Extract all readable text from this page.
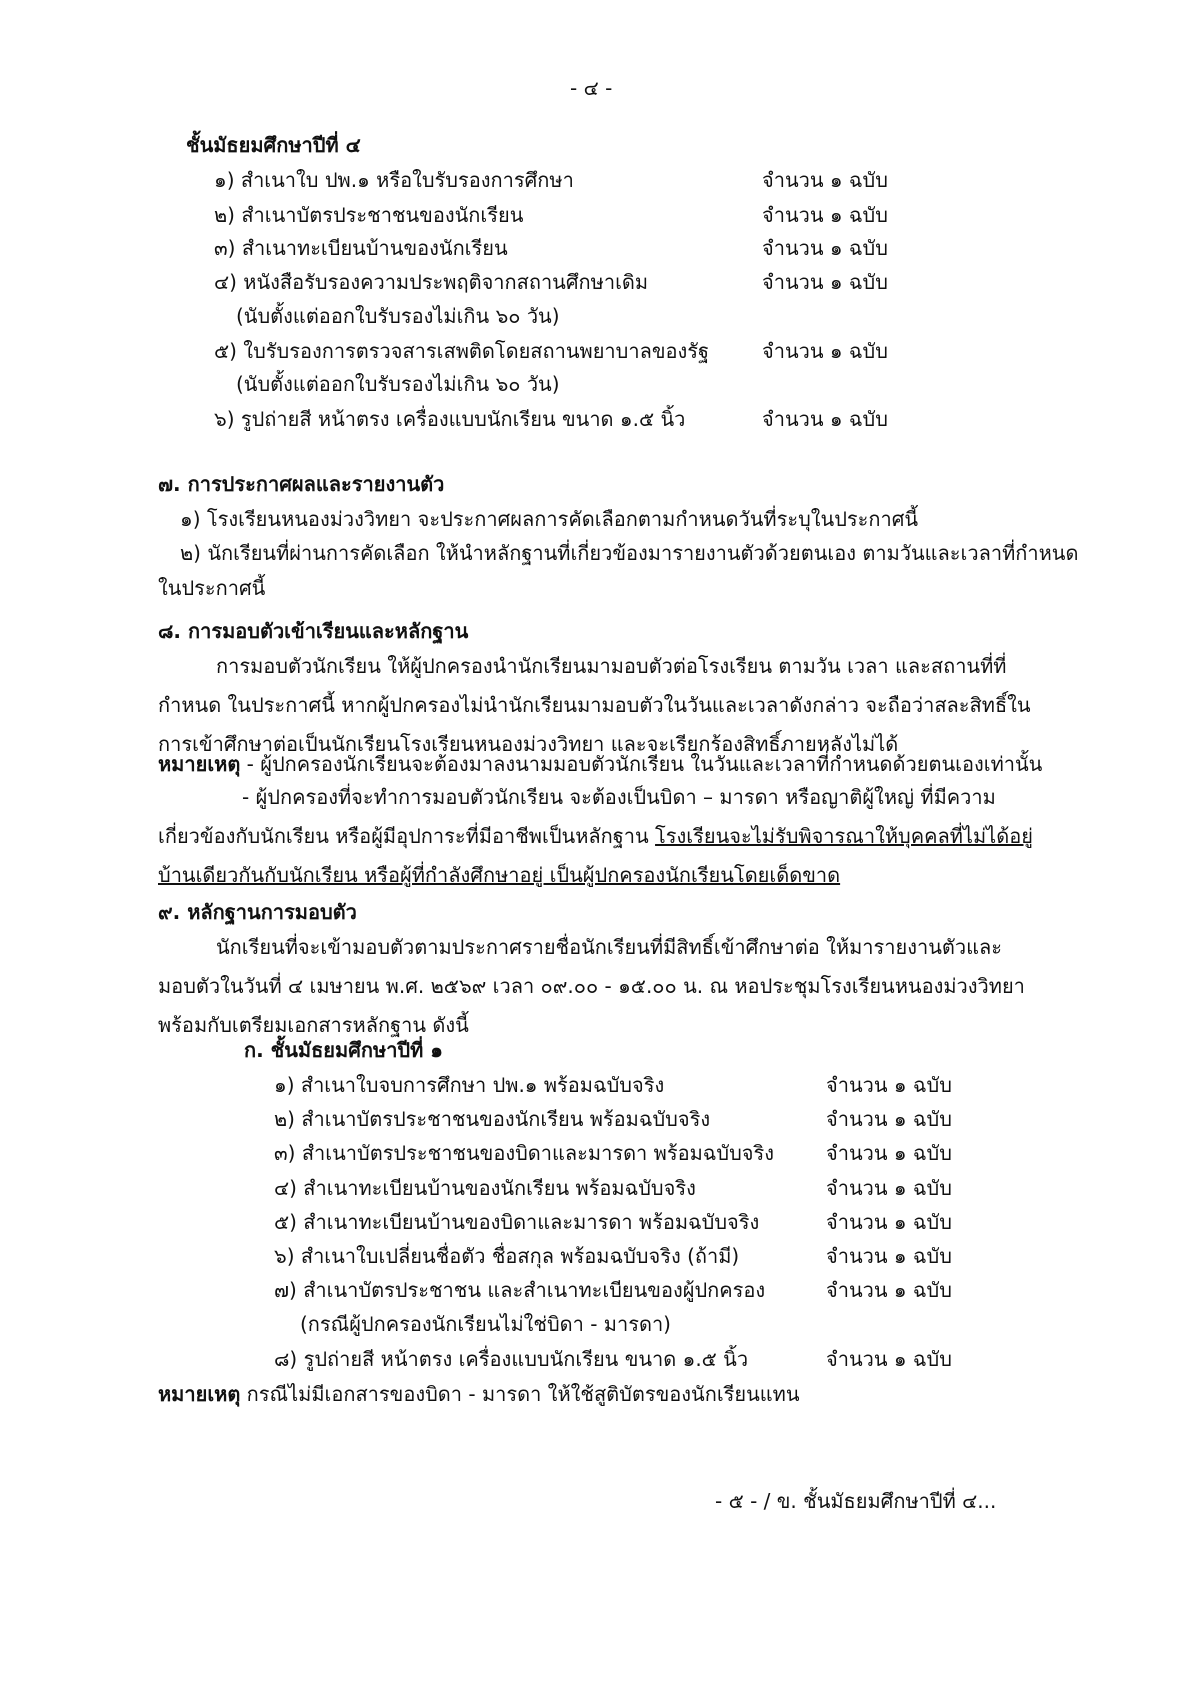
- ๔ -
ชั้นมัธยมศึกษาปีที่ ๔
๑) สำเนาใบ ปพ.๑ หรือใบรับรองการศึกษา	จำนวน ๑ ฉบับ
๒) สำเนาบัตรประชาชนของนักเรียน	จำนวน ๑ ฉบับ
๓) สำเนาทะเบียนบ้านของนักเรียน	จำนวน ๑ ฉบับ
๔) หนังสือรับรองความประพฤติจากสถานศึกษาเดิม	จำนวน ๑ ฉบับ
(นับตั้งแต่ออกใบรับรองไม่เกิน ๖๐ วัน)
๕) ใบรับรองการตรวจสารเสพติดโดยสถานพยาบาลของรัฐ	จำนวน ๑ ฉบับ
(นับตั้งแต่ออกใบรับรองไม่เกิน ๖๐ วัน)
๖) รูปถ่ายสี หน้าตรง เครื่องแบบนักเรียน ขนาด ๑.๕ นิ้ว	จำนวน ๑ ฉบับ
๗. การประกาศผลและรายงานตัว
๑) โรงเรียนหนองม่วงวิทยา จะประกาศผลการคัดเลือกตามกำหนดวันที่ระบุในประกาศนี้
๒) นักเรียนที่ผ่านการคัดเลือก ให้นำหลักฐานที่เกี่ยวข้องมารายงานตัวด้วยตนเอง ตามวันและเวลาที่กำหนด
ในประกาศนี้
๘. การมอบตัวเข้าเรียนและหลักฐาน
การมอบตัวนักเรียน ให้ผู้ปกครองนำนักเรียนมามอบตัวต่อโรงเรียน ตามวัน เวลา และสถานที่ที่กำหนด ในประกาศนี้ หากผู้ปกครองไม่นำนักเรียนมามอบตัวในวันและเวลาดังกล่าว จะถือว่าสละสิทธิ์ในการเข้าศึกษาต่อเป็นนักเรียนโรงเรียนหนองม่วงวิทยา และจะเรียกร้องสิทธิ์ภายหลังไม่ได้
หมายเหตุ - ผู้ปกครองนักเรียนจะต้องมาลงนามมอบตัวนักเรียน ในวันและเวลาที่กำหนดด้วยตนเองเท่านั้น
- ผู้ปกครองที่จะทำการมอบตัวนักเรียน จะต้องเป็นบิดา – มารดา หรือญาติผู้ใหญ่ ที่มีความเกี่ยวข้องกับนักเรียน หรือผู้มีอุปการะที่มีอาชีพเป็นหลักฐาน โรงเรียนจะไม่รับพิจารณาให้บุคคลที่ไม่ได้อยู่บ้านเดียวกันกับนักเรียน หรือผู้ที่กำลังศึกษาอยู่ เป็นผู้ปกครองนักเรียนโดยเด็ดขาด
๙. หลักฐานการมอบตัว
นักเรียนที่จะเข้ามอบตัวตามประกาศรายชื่อนักเรียนที่มีสิทธิ์เข้าศึกษาต่อ ให้มารายงานตัวและมอบตัวในวันที่ ๔ เมษายน พ.ศ. ๒๕๖๙ เวลา ๐๙.๐๐ - ๑๕.๐๐ น. ณ หอประชุมโรงเรียนหนองม่วงวิทยา พร้อมกับเตรียมเอกสารหลักฐาน ดังนี้
ก. ชั้นมัธยมศึกษาปีที่ ๑
๑) สำเนาใบจบการศึกษา ปพ.๑ พร้อมฉบับจริง	จำนวน ๑ ฉบับ
๒) สำเนาบัตรประชาชนของนักเรียน พร้อมฉบับจริง	จำนวน ๑ ฉบับ
๓) สำเนาบัตรประชาชนของบิดาและมารดา พร้อมฉบับจริง	จำนวน ๑ ฉบับ
๔) สำเนาทะเบียนบ้านของนักเรียน พร้อมฉบับจริง	จำนวน ๑ ฉบับ
๕) สำเนาทะเบียนบ้านของบิดาและมารดา พร้อมฉบับจริง	จำนวน ๑ ฉบับ
๖) สำเนาใบเปลี่ยนชื่อตัว ชื่อสกุล พร้อมฉบับจริง (ถ้ามี)	จำนวน ๑ ฉบับ
๗) สำเนาบัตรประชาชน และสำเนาทะเบียนของผู้ปกครอง	จำนวน ๑ ฉบับ
(กรณีผู้ปกครองนักเรียนไม่ใช่บิดา - มารดา)
๘) รูปถ่ายสี หน้าตรง เครื่องแบบนักเรียน ขนาด ๑.๕ นิ้ว	จำนวน ๑ ฉบับ
หมายเหตุ กรณีไม่มีเอกสารของบิดา - มารดา ให้ใช้สูติบัตรของนักเรียนแทน
- ๕ - / ข. ชั้นมัธยมศึกษาปีที่ ๔...
